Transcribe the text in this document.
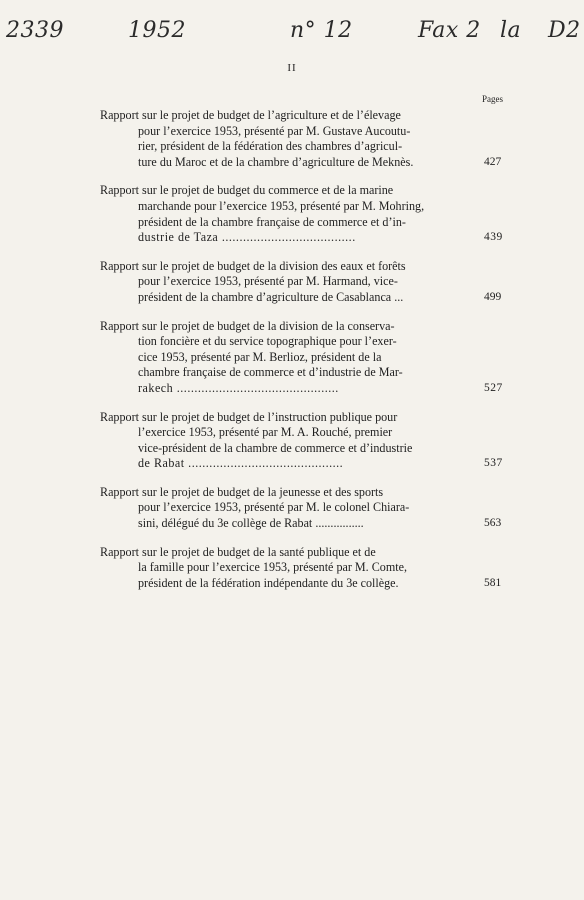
2339	1952	n° 12	Fax 2 la D2
II
Pages
Rapport sur le projet de budget de l’agriculture et de l’élevage
pour l’exercice 1953, présenté par M. Gustave Aucoutu-
rier, président de la fédération des chambres d’agricul-
ture du Maroc et de la chambre d’agriculture de Meknès.	427
Rapport sur le projet de budget du commerce et de la marine
marchande pour l’exercice 1953, présenté par M. Mohring,
président de la chambre française de commerce et d’in-
dustrie de Taza ......................................	439
Rapport sur le projet de budget de la division des eaux et forêts
pour l’exercice 1953, présenté par M. Harmand, vice-
président de la chambre d’agriculture de Casablanca ...	499
Rapport sur le projet de budget de la division de la conserva-
tion foncière et du service topographique pour l’exer-
cice 1953, présenté par M. Berlioz, président de la
chambre française de commerce et d’industrie de Mar-
rakech ..............................................	527
Rapport sur le projet de budget de l’instruction publique pour
l’exercice 1953, présenté par M. A. Rouché, premier
vice-président de la chambre de commerce et d’industrie
de Rabat ............................................	537
Rapport sur le projet de budget de la jeunesse et des sports
pour l’exercice 1953, présenté par M. le colonel Chiara-
sini, délégué du 3e collège de Rabat ................	563
Rapport sur le projet de budget de la santé publique et de
la famille pour l’exercice 1953, présenté par M. Comte,
président de la fédération indépendante du 3e collège.	581
